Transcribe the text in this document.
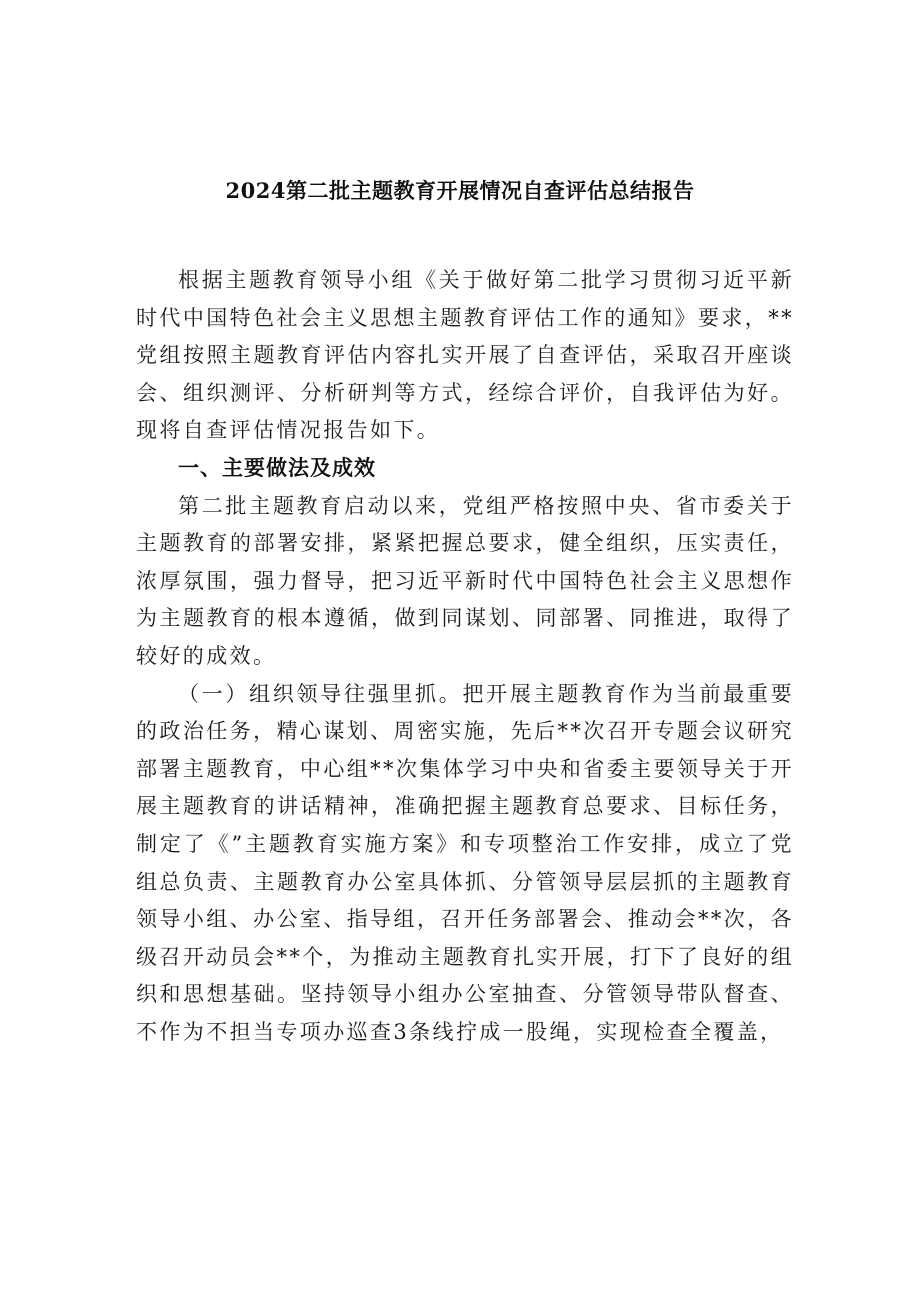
2024第二批主题教育开展情况自查评估总结报告

根据主题教育领导小组《关于做好第二批学习贯彻习近平新时代中国特色社会主义思想主题教育评估工作的通知》要求，**党组按照主题教育评估内容扎实开展了自查评估，采取召开座谈会、组织测评、分析研判等方式，经综合评价，自我评估为好。现将自查评估情况报告如下。

一、主要做法及成效

第二批主题教育启动以来，党组严格按照中央、省市委关于主题教育的部署安排，紧紧把握总要求，健全组织，压实责任，浓厚氛围，强力督导，把习近平新时代中国特色社会主义思想作为主题教育的根本遵循，做到同谋划、同部署、同推进，取得了较好的成效。

（一）组织领导往强里抓。把开展主题教育作为当前最重要的政治任务，精心谋划、周密实施，先后**次召开专题会议研究部署主题教育，中心组**次集体学习中央和省委主要领导关于开展主题教育的讲话精神，准确把握主题教育总要求、目标任务，制定了《”主题教育实施方案》和专项整治工作安排，成立了党组总负责、主题教育办公室具体抓、分管领导层层抓的主题教育领导小组、办公室、指导组，召开任务部署会、推动会**次，各级召开动员会**个，为推动主题教育扎实开展，打下了良好的组织和思想基础。坚持领导小组办公室抽查、分管领导带队督查、不作为不担当专项办巡查3条线拧成一股绳，实现检查全覆盖，
